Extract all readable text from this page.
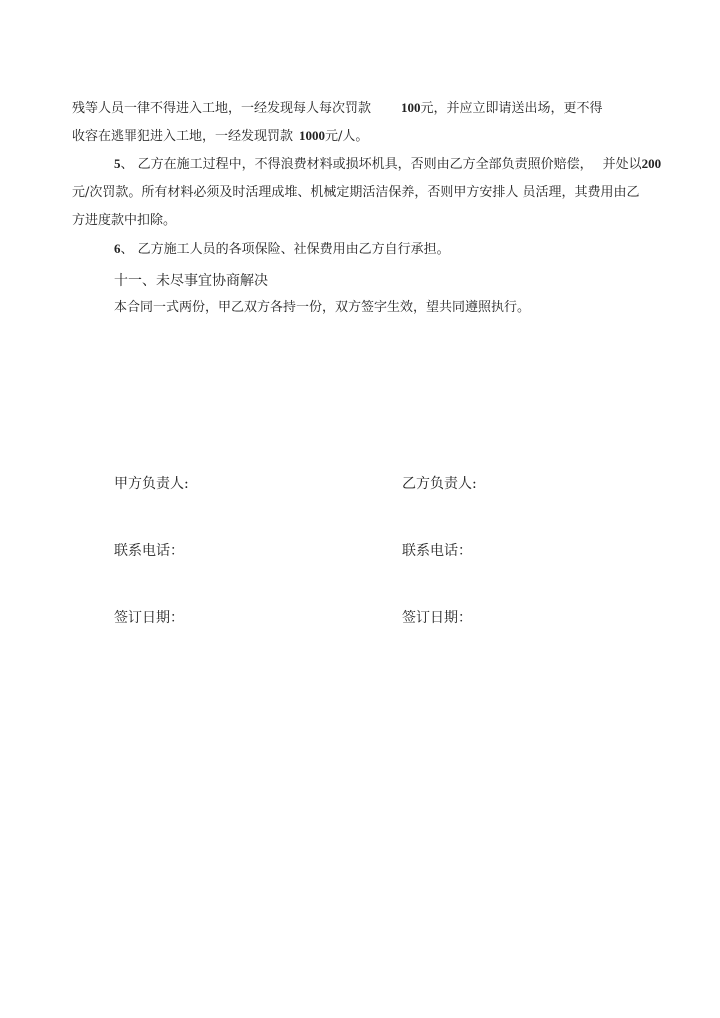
残等人员一律不得进入工地，一经发现每人每次罚款 100元，并应立即请送出场，更不得
收容在逃罪犯进入工地，一经发现罚款 1000元/人。
5、 乙方在施工过程中，不得浪费材料或损坏机具，否则由乙方全部负责照价赔偿， 并处以200
元/次罚款。所有材料必须及时活理成堆、机械定期活洁保养，否则甲方安排人 员活理，其费用由乙
方进度款中扣除。
6、 乙方施工人员的各项保险、社保费用由乙方自行承担。
十一、未尽事宜协商解决
本合同一式两份，甲乙双方各持一份，双方签字生效，望共同遵照执行。
甲方负责人:	乙方负责人:
联系电话：	联系电话：
签订日期：	签订日期：
